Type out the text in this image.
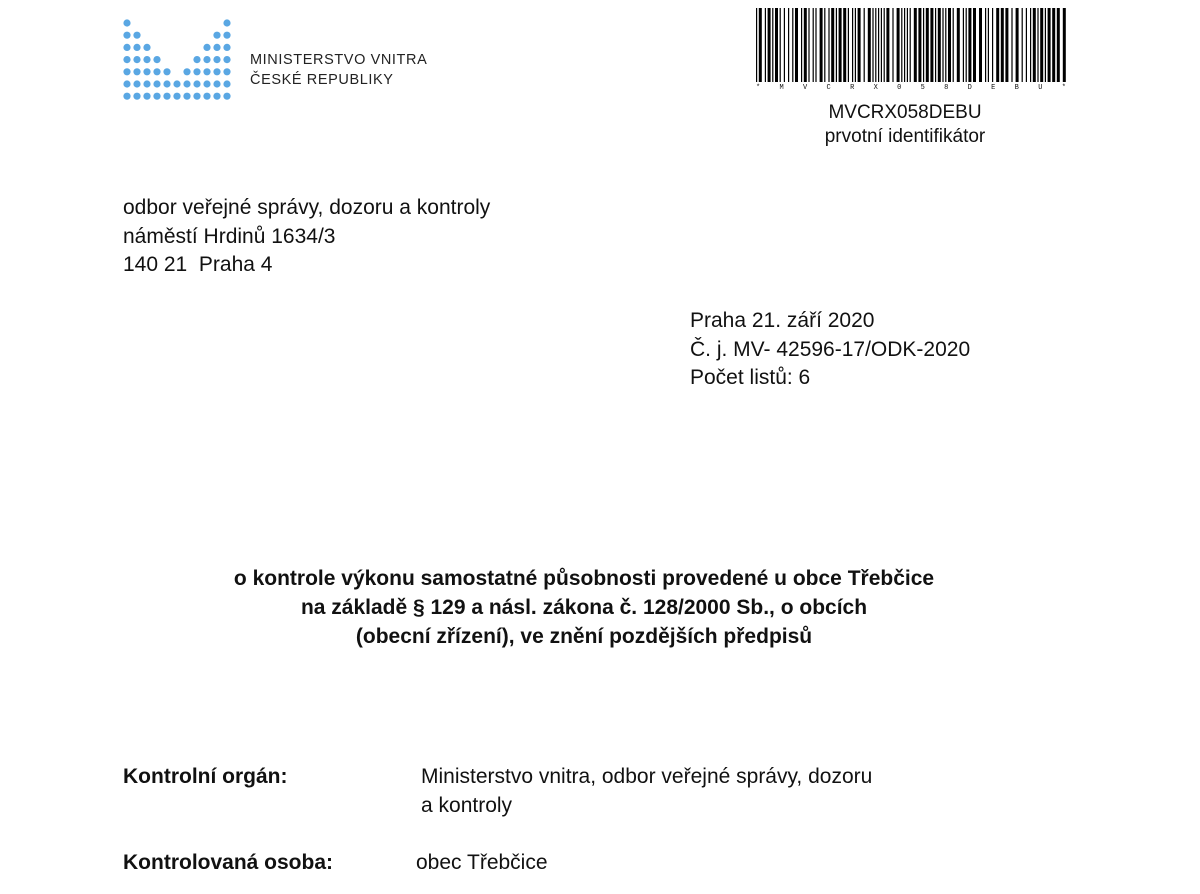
MINISTERSTVO VNITRA
ČESKÉ REPUBLIKY	*	M	V	C	R	X	0	5	8	D	E	B	U	*
MVCRX058DEBU
prvotní identifikátor
odbor veřejné správy, dozoru a kontroly
náměstí Hrdinů 1634/3
140 21  Praha 4
Praha 21. září 2020
Č. j. MV- 42596-17/ODK-2020
Počet listů: 6
o kontrole výkonu samostatné působnosti provedené u obce Třebčice
na základě § 129 a násl. zákona č. 128/2000 Sb., o obcích
(obecní zřízení), ve znění pozdějších předpisů
Kontrolní orgán:	Ministerstvo vnitra, odbor veřejné správy, dozoru
a kontroly
Kontrolovaná osoba:	obec Třebčice
